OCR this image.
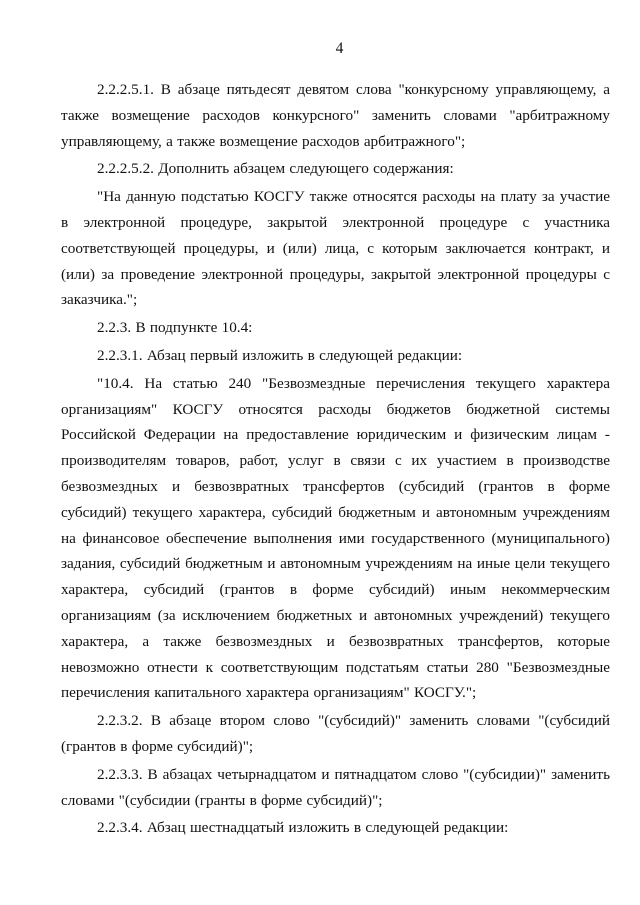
4

2.2.2.5.1. В абзаце пятьдесят девятом слова "конкурсному управляющему, а также возмещение расходов конкурсного" заменить словами "арбитражному управляющему, а также возмещение расходов арбитражного";

2.2.2.5.2. Дополнить абзацем следующего содержания:

"На данную подстатью КОСГУ также относятся расходы на плату за участие в электронной процедуре, закрытой электронной процедуре с участника соответствующей процедуры, и (или) лица, с которым заключается контракт, и (или) за проведение электронной процедуры, закрытой электронной процедуры с заказчика.";

2.2.3. В подпункте 10.4:

2.2.3.1. Абзац первый изложить в следующей редакции:

"10.4. На статью 240 "Безвозмездные перечисления текущего характера организациям" КОСГУ относятся расходы бюджетов бюджетной системы Российской Федерации на предоставление юридическим и физическим лицам - производителям товаров, работ, услуг в связи с их участием в производстве безвозмездных и безвозвратных трансфертов (субсидий (грантов в форме субсидий) текущего характера, субсидий бюджетным и автономным учреждениям на финансовое обеспечение выполнения ими государственного (муниципального) задания, субсидий бюджетным и автономным учреждениям на иные цели текущего характера, субсидий (грантов в форме субсидий) иным некоммерческим организациям (за исключением бюджетных и автономных учреждений) текущего характера, а также безвозмездных и безвозвратных трансфертов, которые невозможно отнести к соответствующим подстатьям статьи 280 "Безвозмездные перечисления капитального характера организациям" КОСГУ.";

2.2.3.2. В абзаце втором слово "(субсидий)" заменить словами "(субсидий (грантов в форме субсидий)";

2.2.3.3. В абзацах четырнадцатом и пятнадцатом слово "(субсидии)" заменить словами "(субсидии (гранты в форме субсидий)";

2.2.3.4. Абзац шестнадцатый изложить в следующей редакции:
